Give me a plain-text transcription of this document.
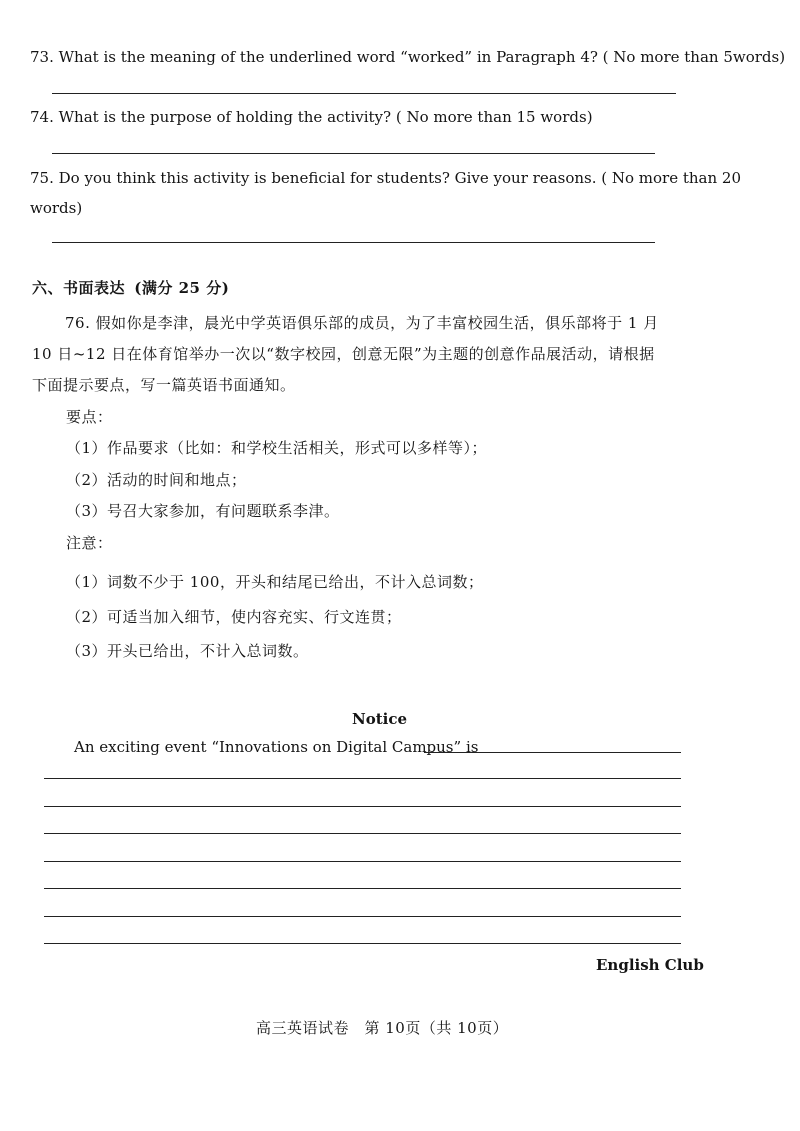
73. What is the meaning of the underlined word “worked” in Paragraph 4? ( No more than 5words)
74. What is the purpose of holding the activity? ( No more than 15 words)
75. Do you think this activity is beneficial for students? Give your reasons. ( No more than 20
words)
六、书面表达 (满分 25 分)
76. 假如你是李津，晨光中学英语俱乐部的成员，为了丰富校园生活，俱乐部将于 1 月
10 日~12 日在体育馆举办一次以“数字校园，创意无限”为主题的创意作品展活动，请根据
下面提示要点，写一篇英语书面通知。
要点：
（1）作品要求（比如：和学校生活相关，形式可以多样等）；
（2）活动的时间和地点；
（3）号召大家参加，有问题联系李津。
注意：
（1）词数不少于 100，开头和结尾已给出，不计入总词数；
（2）可适当加入细节，使内容充实、行文连贯；
（3）开头已给出，不计入总词数。
Notice
An exciting event “Innovations on Digital Campus” is
English Club
高三英语试卷　第 10页（共 10页）
